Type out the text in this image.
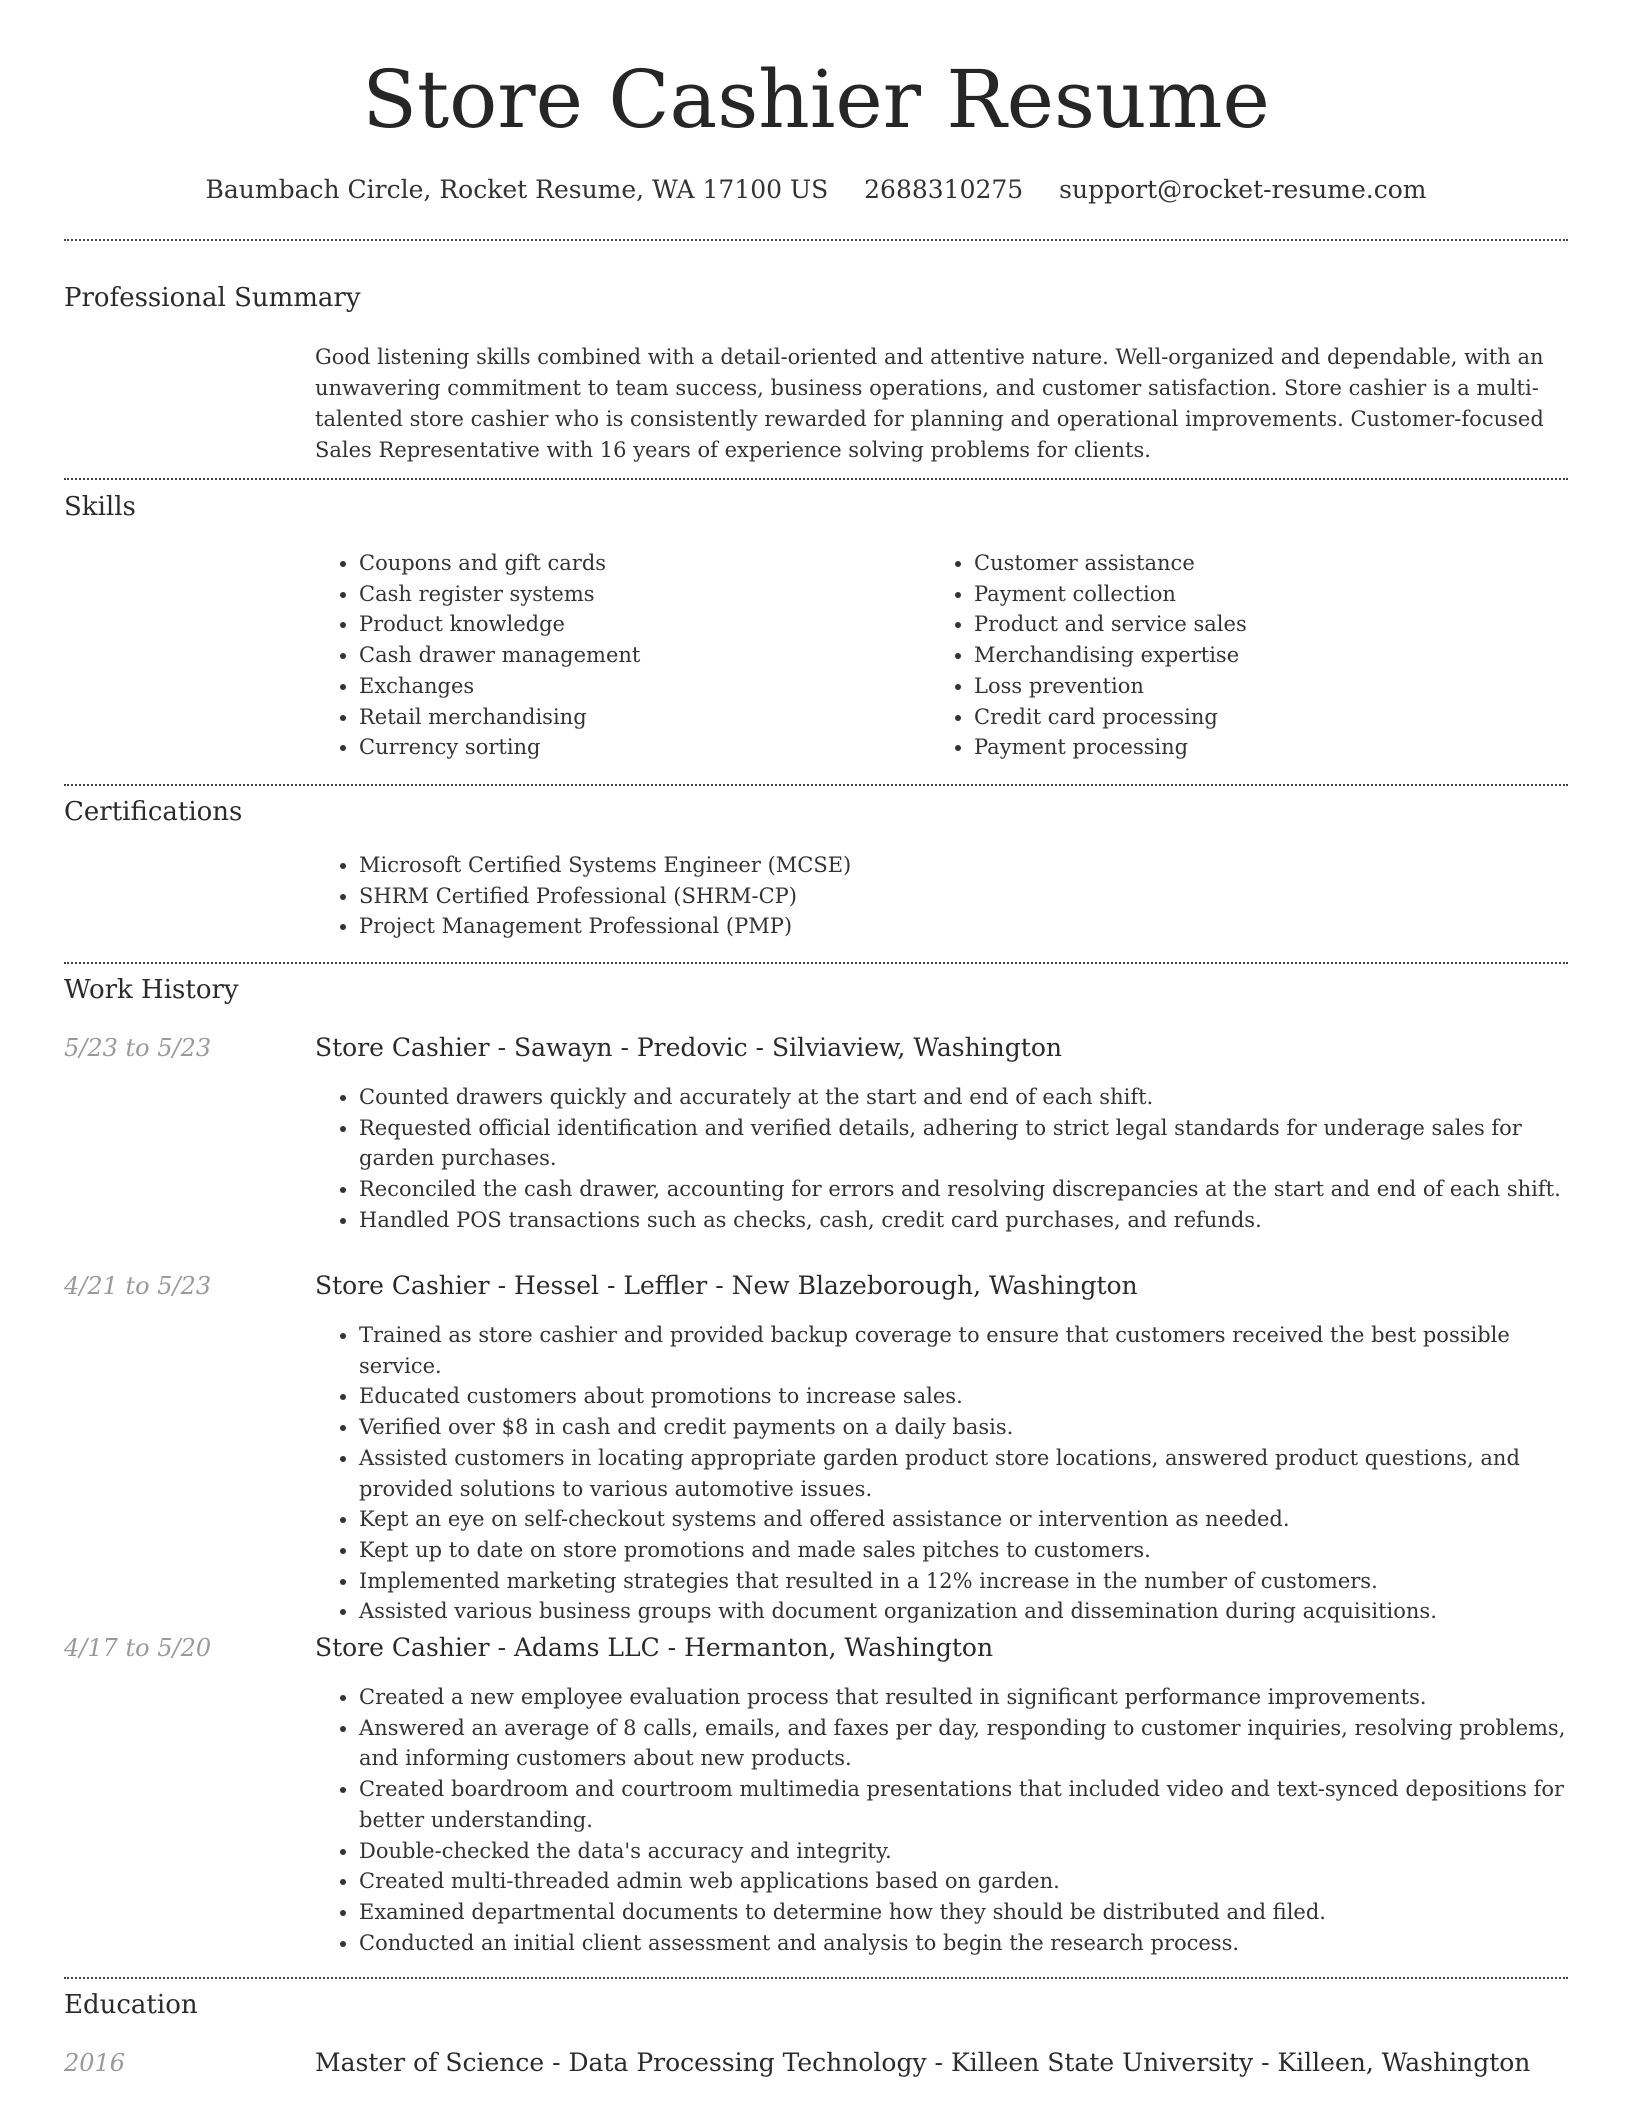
Store Cashier Resume
Baumbach Circle, Rocket Resume, WA 17100 US 2688310275 support@rocket-resume.com
Professional Summary

Good listening skills combined with a detail-oriented and attentive nature. Well-organized and dependable, with an unwavering commitment to team success, business operations, and customer satisfaction. Store cashier is a multi-talented store cashier who is consistently rewarded for planning and operational improvements. Customer-focused Sales Representative with 16 years of experience solving problems for clients.

Skills
• Coupons and gift cards
• Cash register systems
• Product knowledge
• Cash drawer management
• Exchanges
• Retail merchandising
• Currency sorting
• Customer assistance
• Payment collection
• Product and service sales
• Merchandising expertise
• Loss prevention
• Credit card processing
• Payment processing
Certifications
• Microsoft Certified Systems Engineer (MCSE)
• SHRM Certified Professional (SHRM-CP)
• Project Management Professional (PMP)
Work History
5/23 to 5/23	Store Cashier - Sawayn - Predovic - Silviaview, Washington
• Counted drawers quickly and accurately at the start and end of each shift.
• Requested official identification and verified details, adhering to strict legal standards for underage sales for garden purchases.
• Reconciled the cash drawer, accounting for errors and resolving discrepancies at the start and end of each shift.
• Handled POS transactions such as checks, cash, credit card purchases, and refunds.
4/21 to 5/23	Store Cashier - Hessel - Leffler - New Blazeborough, Washington
• Trained as store cashier and provided backup coverage to ensure that customers received the best possible service.
• Educated customers about promotions to increase sales.
• Verified over $8 in cash and credit payments on a daily basis.
• Assisted customers in locating appropriate garden product store locations, answered product questions, and provided solutions to various automotive issues.
• Kept an eye on self-checkout systems and offered assistance or intervention as needed.
• Kept up to date on store promotions and made sales pitches to customers.
• Implemented marketing strategies that resulted in a 12% increase in the number of customers.
• Assisted various business groups with document organization and dissemination during acquisitions.
4/17 to 5/20	Store Cashier - Adams LLC - Hermanton, Washington
• Created a new employee evaluation process that resulted in significant performance improvements.
• Answered an average of 8 calls, emails, and faxes per day, responding to customer inquiries, resolving problems, and informing customers about new products.
• Created boardroom and courtroom multimedia presentations that included video and text-synced depositions for better understanding.
• Double-checked the data's accuracy and integrity.
• Created multi-threaded admin web applications based on garden.
• Examined departmental documents to determine how they should be distributed and filed.
• Conducted an initial client assessment and analysis to begin the research process.
Education
2016	Master of Science - Data Processing Technology - Killeen State University - Killeen, Washington
